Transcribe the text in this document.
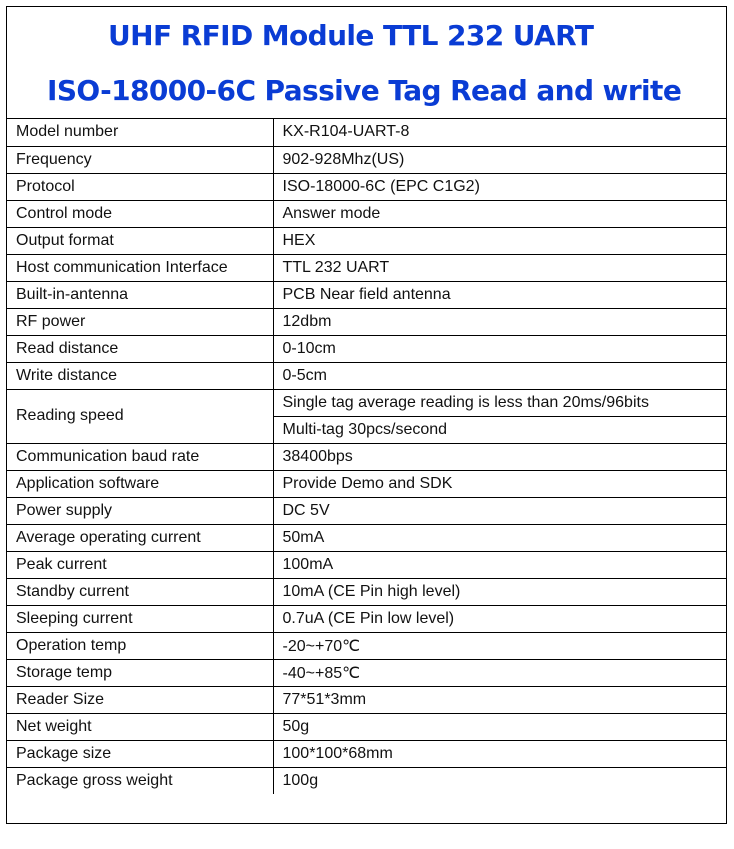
UHF RFID Module TTL 232 UART
ISO-18000-6C Passive Tag Read and write
Model number	KX-R104-UART-8
Frequency	902-928Mhz(US)
Protocol	ISO-18000-6C (EPC C1G2)
Control mode	Answer mode
Output format	HEX
Host communication Interface	TTL 232 UART
Built-in-antenna	PCB Near field antenna
RF power	12dbm
Read distance	0-10cm
Write distance	0-5cm
Reading speed	Single tag average reading is less than 20ms/96bits
	Multi-tag 30pcs/second
Communication baud rate	38400bps
Application software	Provide Demo and SDK
Power supply	DC 5V
Average operating current	50mA
Peak current	100mA
Standby current	10mA (CE Pin high level)
Sleeping current	0.7uA (CE Pin low level)
Operation temp	-20~+70℃
Storage temp	-40~+85℃
Reader Size	77*51*3mm
Net weight	50g
Package size	100*100*68mm
Package gross weight	100g
